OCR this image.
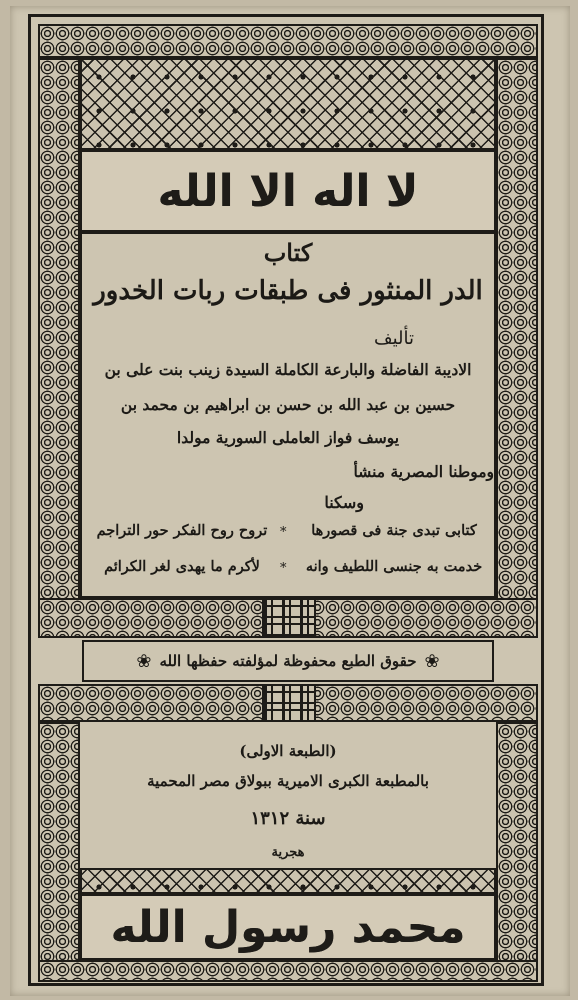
لا اله الا الله
كتاب
الدر المنثور فى طبقات ربات الخدور
تأليف
الاديبة الفاضلة والبارعة الكاملة السيدة زينب بنت على بن
حسين بن عبد الله بن حسن بن ابراهيم بن محمد بن
يوسف فواز العاملى السورية مولدا
وموطنا المصرية منشأ
وسكنا
كتابى تبدى جنة فى قصورها
*
تروح روح الفكر حور التراجم
خدمت به جنسى اللطيف وانه
*
لأكرم ما يهدى لغر الكرائم
❀ حقوق الطبع محفوظة لمؤلفته حفظها الله ❀
(الطبعة الاولى)
بالمطبعة الكبرى الاميرية ببولاق مصر المحمية
سنة ١٣١٢
هجرية
محمد رسول الله
